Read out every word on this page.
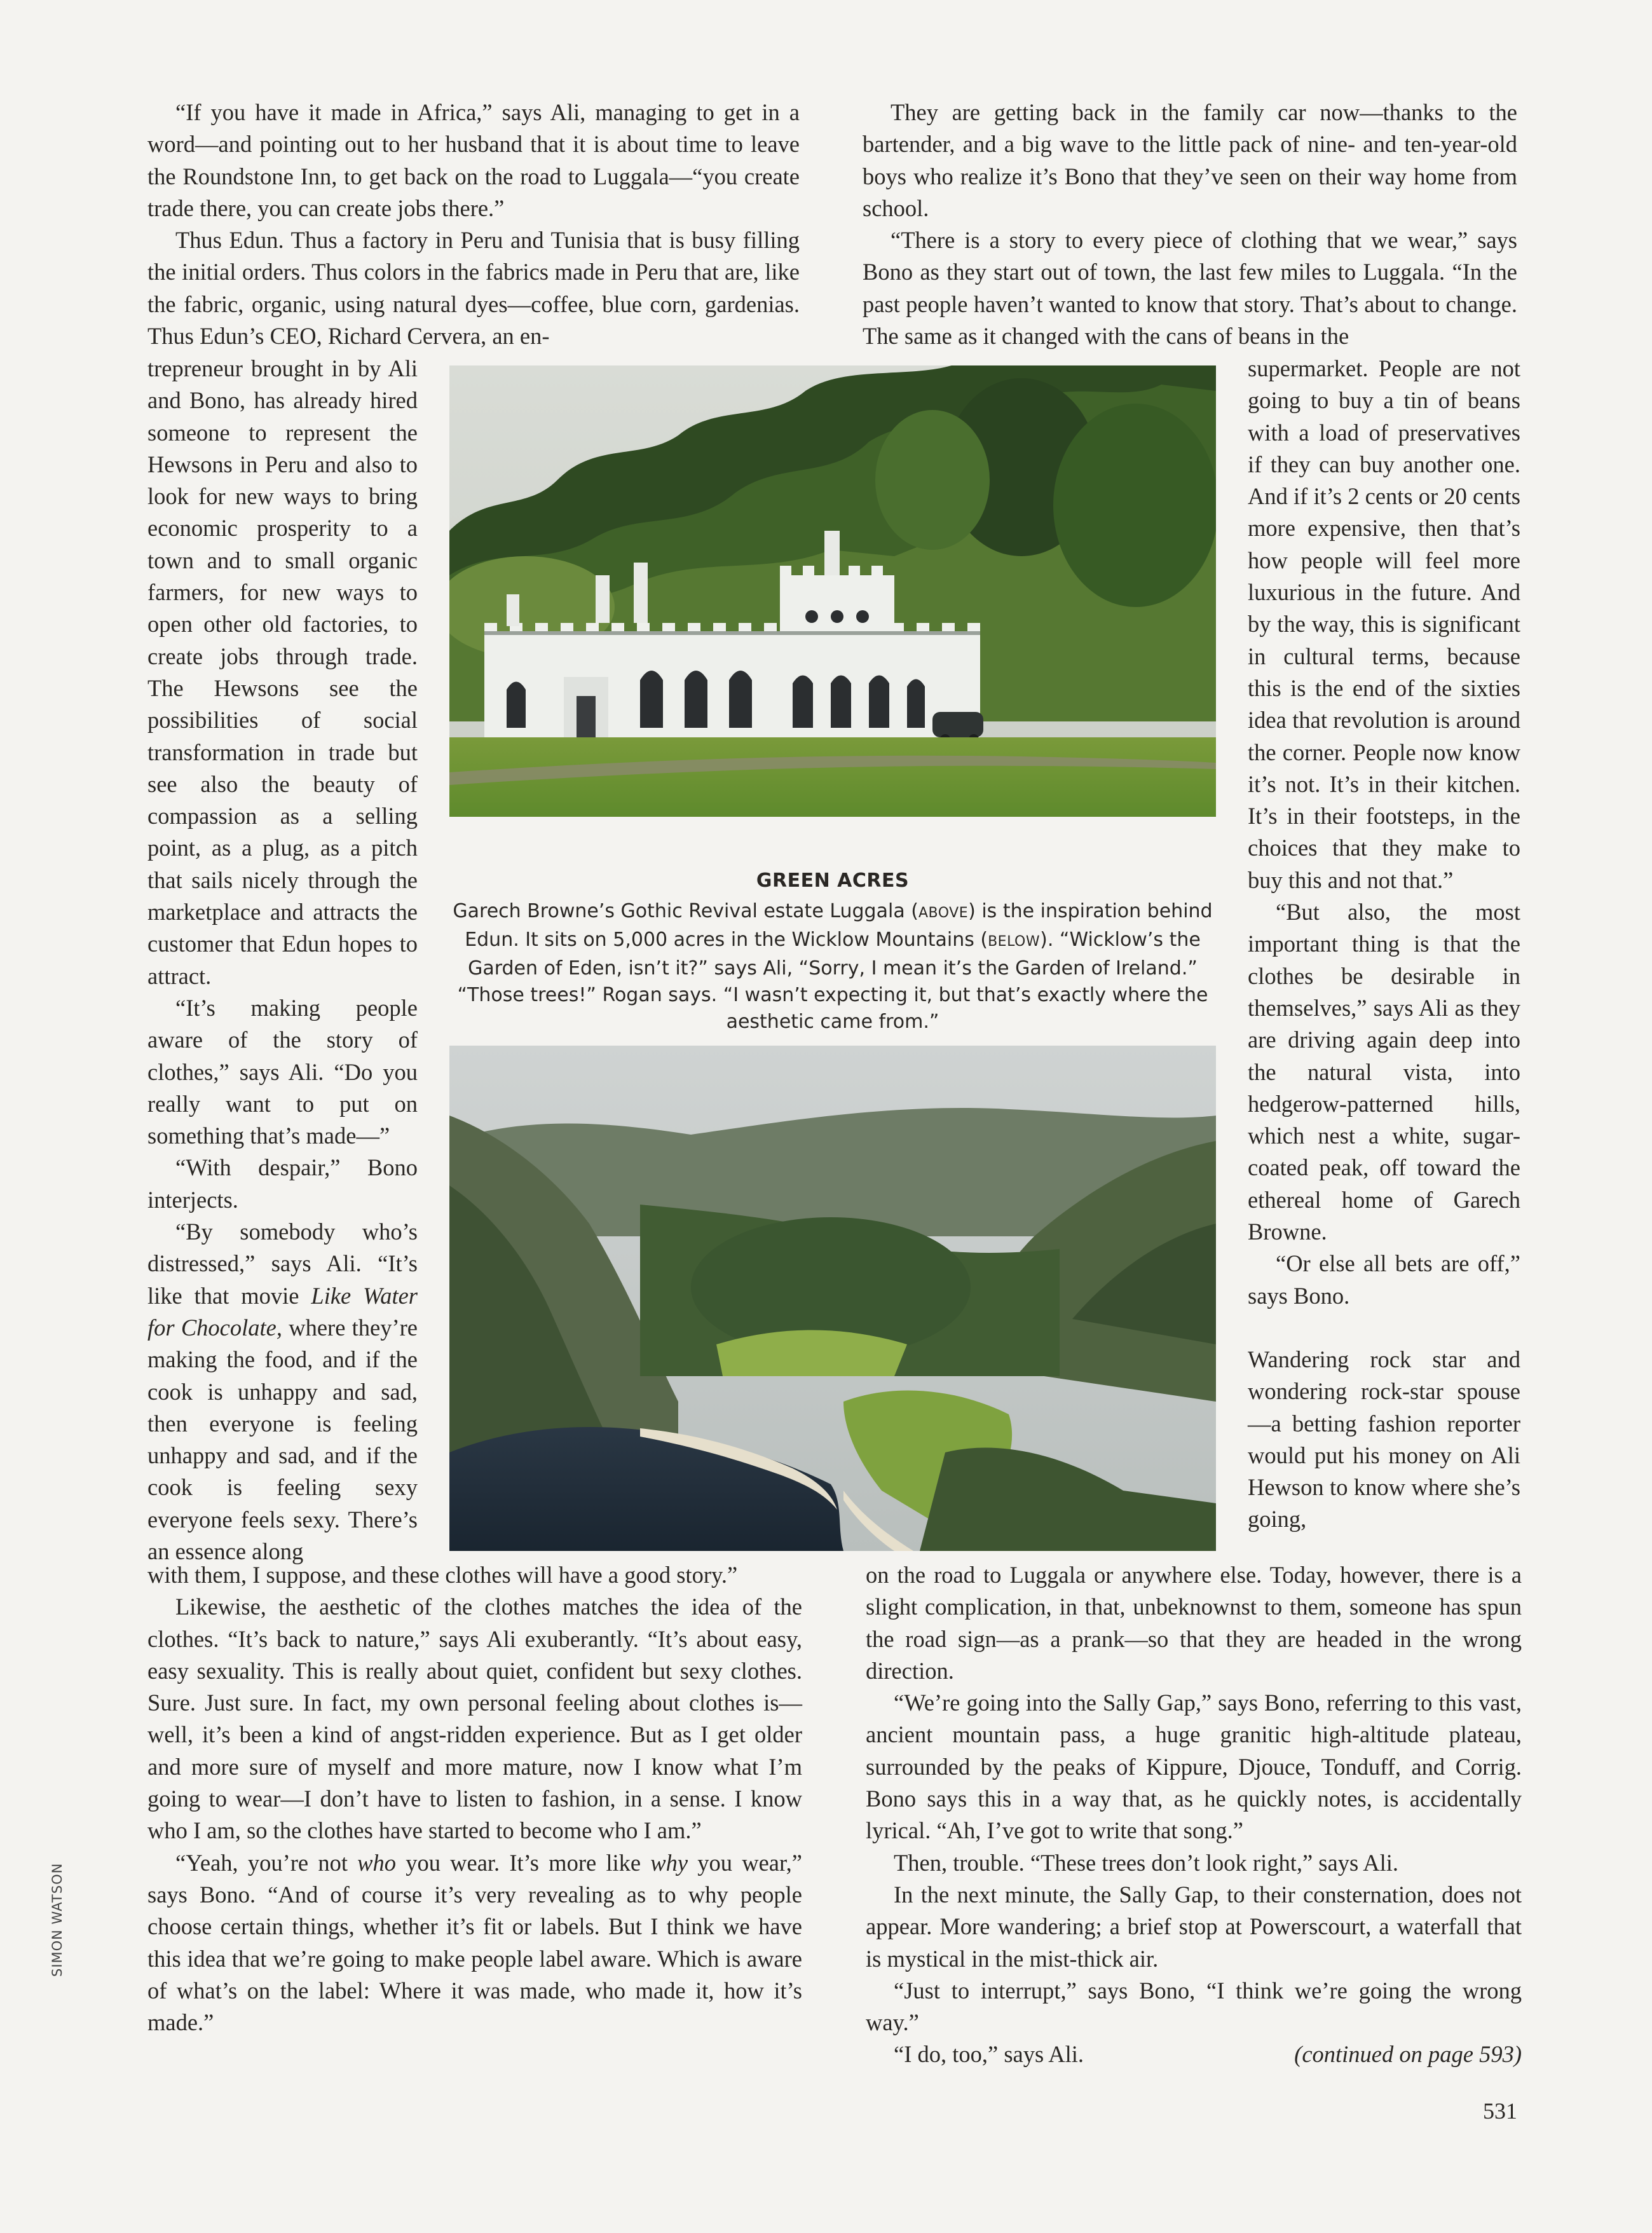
“If you have it made in Africa,” says Ali, managing to get in a word—and pointing out to her husband that it is about time to leave the Roundstone Inn, to get back on the road to Luggala—“you create trade there, you can create jobs there.”

Thus Edun. Thus a factory in Peru and Tunisia that is busy filling the initial orders. Thus colors in the fabrics made in Peru that are, like the fabric, organic, using natural dyes—coffee, blue corn, gardenias. Thus Edun’s CEO, Richard Cervera, an en-

trepreneur brought in by Ali and Bono, has already hired someone to represent the Hewsons in Peru and also to look for new ways to bring economic prosperity to a town and to small organic farmers, for new ways to open other old factories, to create jobs through trade. The Hewsons see the possibilities of social transformation in trade but see also the beauty of compassion as a selling point, as a plug, as a pitch that sails nicely through the marketplace and attracts the customer that Edun hopes to attract.

“It’s making people aware of the story of clothes,” says Ali. “Do you really want to put on something that’s made—”

“With despair,” Bono interjects.

“By somebody who’s distressed,” says Ali. “It’s like that movie Like Water for Chocolate, where they’re making the food, and if the cook is unhappy and sad, then everyone is feeling unhappy and sad, and if the cook is feeling sexy everyone feels sexy. There’s an essence along

with them, I suppose, and these clothes will have a good story.”

Likewise, the aesthetic of the clothes matches the idea of the clothes. “It’s back to nature,” says Ali exuberantly. “It’s about easy, easy sexuality. This is really about quiet, confident but sexy clothes. Sure. Just sure. In fact, my own personal feeling about clothes is—well, it’s been a kind of angst-ridden experience. But as I get older and more sure of myself and more mature, now I know what I’m going to wear—I don’t have to listen to fashion, in a sense. I know who I am, so the clothes have started to become who I am.”

“Yeah, you’re not who you wear. It’s more like why you wear,” says Bono. “And of course it’s very revealing as to why people choose certain things, whether it’s fit or labels. But I think we have this idea that we’re going to make people label aware. Which is aware of what’s on the label: Where it was made, who made it, how it’s made.”

They are getting back in the family car now—thanks to the bartender, and a big wave to the little pack of nine- and ten-year-old boys who realize it’s Bono that they’ve seen on their way home from school.

“There is a story to every piece of clothing that we wear,” says Bono as they start out of town, the last few miles to Luggala. “In the past people haven’t wanted to know that story. That’s about to change. The same as it changed with the cans of beans in the

supermarket. People are not going to buy a tin of beans with a load of preservatives if they can buy another one. And if it’s 2 cents or 20 cents more expensive, then that’s how people will feel more luxurious in the future. And by the way, this is significant in cultural terms, because this is the end of the sixties idea that revolution is around the corner. People now know it’s not. It’s in their kitchen. It’s in their footsteps, in the choices that they make to buy this and not that.”

“But also, the most important thing is that the clothes be desirable in themselves,” says Ali as they are driving again deep into the natural vista, into hedgerow-patterned hills, which nest a white, sugar-coated peak, off toward the ethereal home of Garech Browne.

“Or else all bets are off,” says Bono.

Wandering rock star and wondering rock-star spouse—a betting fashion reporter would put his money on Ali Hewson to know where she’s going,

on the road to Luggala or anywhere else. Today, however, there is a slight complication, in that, unbeknownst to them, someone has spun the road sign—as a prank—so that they are headed in the wrong direction.

“We’re going into the Sally Gap,” says Bono, referring to this vast, ancient mountain pass, a huge granitic high-altitude plateau, surrounded by the peaks of Kippure, Djouce, Tonduff, and Corrig. Bono says this in a way that, as he quickly notes, is accidentally lyrical. “Ah, I’ve got to write that song.”

Then, trouble. “These trees don’t look right,” says Ali.

In the next minute, the Sally Gap, to their consternation, does not appear. More wandering; a brief stop at Powerscourt, a waterfall that is mystical in the mist-thick air.

“Just to interrupt,” says Bono, “I think we’re going the wrong way.”

“I do, too,” says Ali.	(continued on page 593)

GREEN ACRES
Garech Browne’s Gothic Revival estate Luggala (ABOVE) is the inspiration behind Edun. It sits on 5,000 acres in the Wicklow Mountains (BELOW). “Wicklow’s the Garden of Eden, isn’t it?” says Ali, “Sorry, I mean it’s the Garden of Ireland.” “Those trees!” Rogan says. “I wasn’t expecting it, but that’s exactly where the aesthetic came from.”
SIMON WATSON
531
